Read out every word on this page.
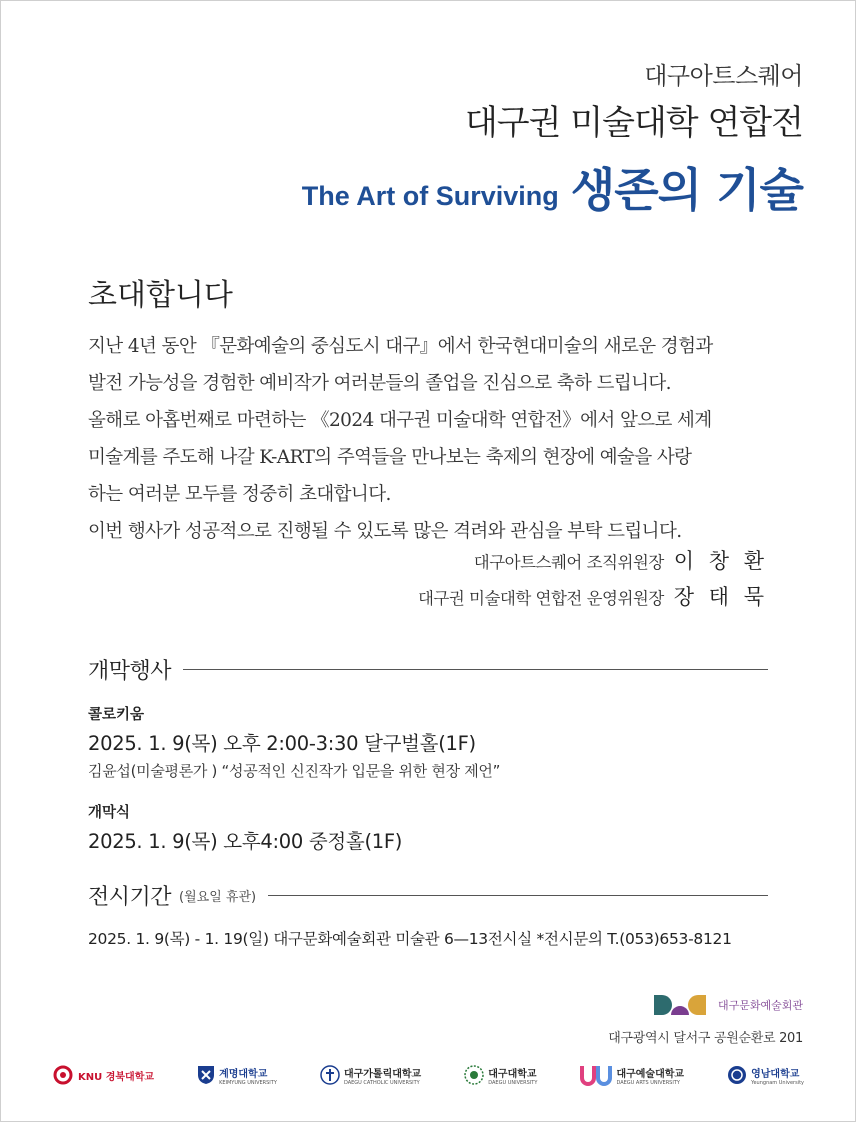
대구아트스퀘어
대구권 미술대학 연합전
The Art of Surviving 생존의 기술
초대합니다

지난 4년 동안 『문화예술의 중심도시 대구』에서 한국현대미술의 새로운 경험과

발전 가능성을 경험한 예비작가 여러분들의 졸업을 진심으로 축하 드립니다.

올해로 아홉번째로 마련하는 《2024 대구권 미술대학 연합전》에서 앞으로 세계

미술계를 주도해 나갈 K-ART의 주역들을 만나보는 축제의 현장에 예술을 사랑

하는 여러분 모두를 정중히 초대합니다.

이번 행사가 성공적으로 진행될 수 있도록 많은 격려와 관심을 부탁 드립니다.

대구아트스퀘어 조직위원장 이 창 환
대구권 미술대학 연합전 운영위원장 장 태 묵
개막행사
콜로키움
2025. 1. 9(목) 오후 2:00-3:30 달구벌홀(1F)
김윤섭(미술평론가 ) “성공적인 신진작가 입문을 위한 현장 제언”
개막식
2025. 1. 9(목) 오후4:00 중정홀(1F)
전시기간 (월요일 휴관)
2025. 1. 9(목) - 1. 19(일) 대구문화예술회관 미술관 6—13전시실 *전시문의 T.(053)653-8121
대구문화예술회관
대구광역시 달서구 공원순환로 201
KNU 경북대학교	계명대학교
KEIMYUNG UNIVERSITY
대구가톨릭대학교
DAEGU CATHOLIC UNIVERSITY
대구대학교
DAEGU UNIVERSITY
대구예술대학교
DAEGU ARTS UNIVERSITY
영남대학교
Yeungnam University
